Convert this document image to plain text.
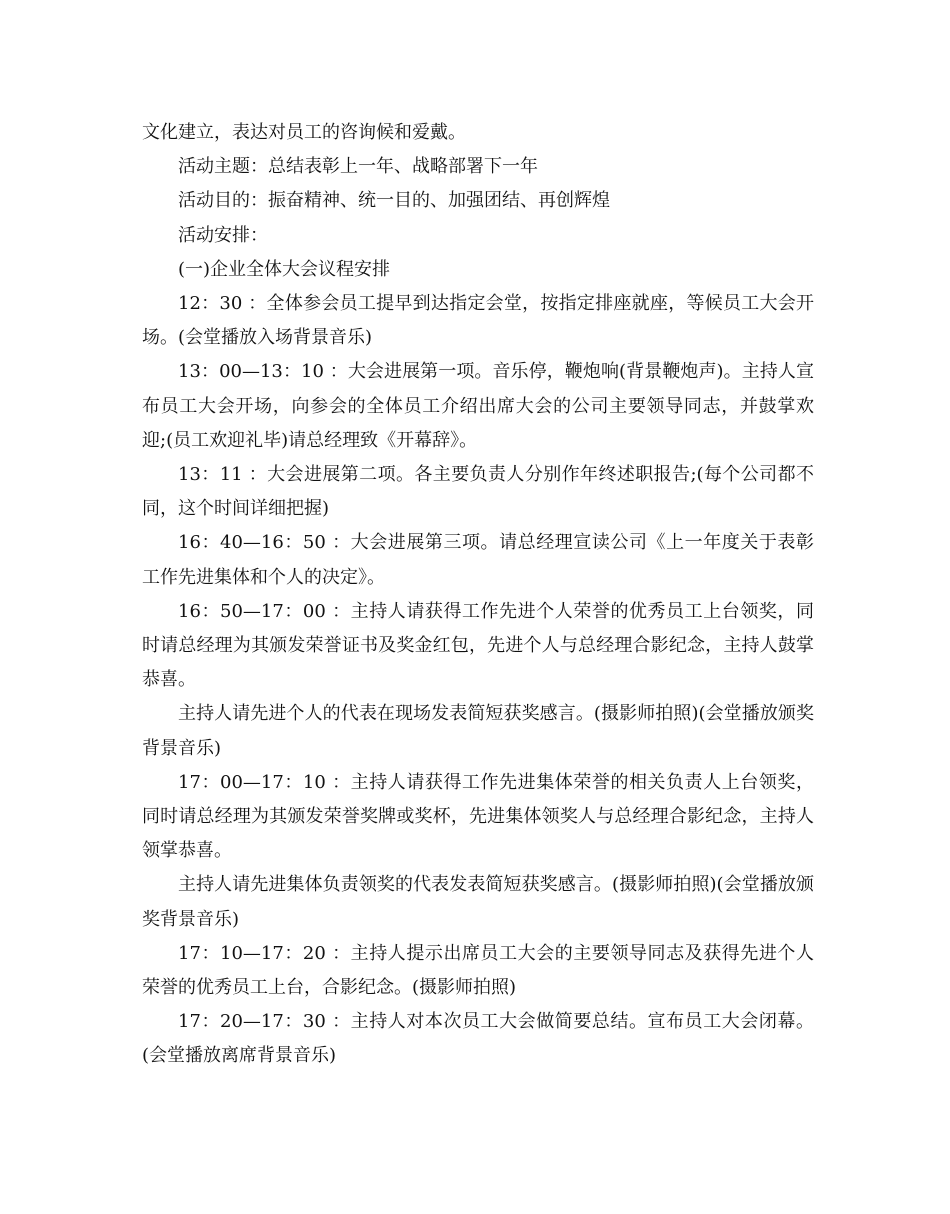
文化建立，表达对员工的咨询候和爱戴。

活动主题：总结表彰上一年、战略部署下一年

活动目的：振奋精神、统一目的、加强团结、再创辉煌

活动安排：

(一)企业全体大会议程安排

12：30 ：全体参会员工提早到达指定会堂，按指定排座就座，等候员工大会开场。(会堂播放入场背景音乐)

13：00—13：10 ：大会进展第一项。音乐停，鞭炮响(背景鞭炮声)。主持人宣布员工大会开场，向参会的全体员工介绍出席大会的公司主要领导同志，并鼓掌欢迎;(员工欢迎礼毕)请总经理致《开幕辞》。

13：11 ：大会进展第二项。各主要负责人分别作年终述职报告;(每个公司都不同，这个时间详细把握)

16：40—16：50 ：大会进展第三项。请总经理宣读公司《上一年度关于表彰工作先进集体和个人的决定》。

16：50—17：00 ：主持人请获得工作先进个人荣誉的优秀员工上台领奖，同时请总经理为其颁发荣誉证书及奖金红包，先进个人与总经理合影纪念，主持人鼓掌恭喜。

主持人请先进个人的代表在现场发表简短获奖感言。(摄影师拍照)(会堂播放颁奖背景音乐)

17：00—17：10 ：主持人请获得工作先进集体荣誉的相关负责人上台领奖，同时请总经理为其颁发荣誉奖牌或奖杯，先进集体领奖人与总经理合影纪念，主持人领掌恭喜。

主持人请先进集体负责领奖的代表发表简短获奖感言。(摄影师拍照)(会堂播放颁奖背景音乐)

17：10—17：20 ：主持人提示出席员工大会的主要领导同志及获得先进个人荣誉的优秀员工上台，合影纪念。(摄影师拍照)

17：20—17：30 ：主持人对本次员工大会做简要总结。宣布员工大会闭幕。(会堂播放离席背景音乐)
